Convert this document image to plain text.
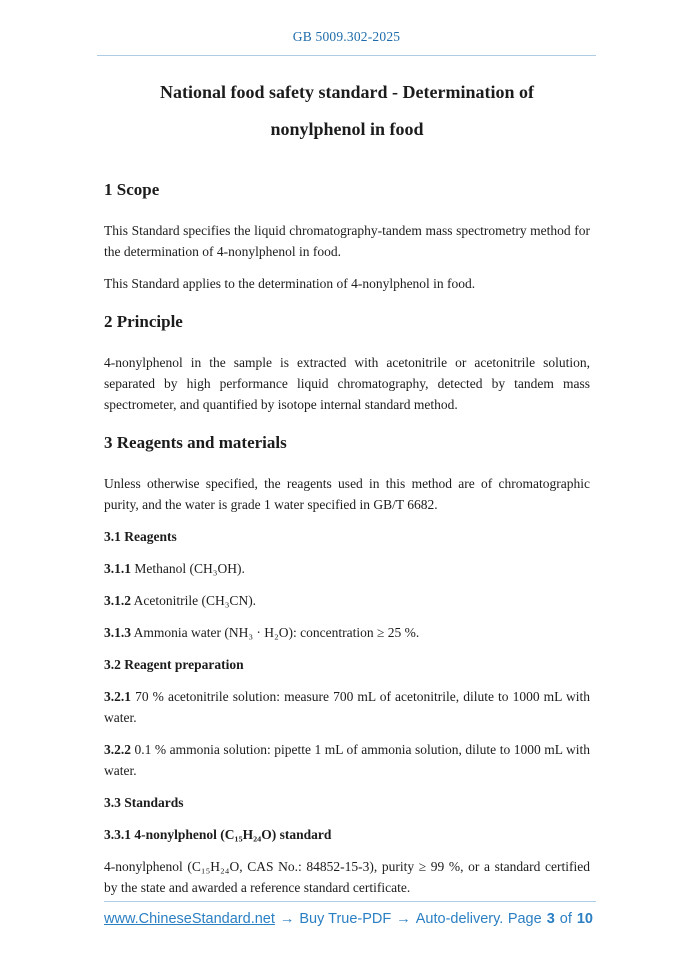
GB 5009.302-2025
National food safety standard - Determination of
nonylphenol in food
1 Scope

This Standard specifies the liquid chromatography-tandem mass spectrometry method for the determination of 4-nonylphenol in food.

This Standard applies to the determination of 4-nonylphenol in food.

2 Principle

4-nonylphenol in the sample is extracted with acetonitrile or acetonitrile solution, separated by high performance liquid chromatography, detected by tandem mass spectrometer, and quantified by isotope internal standard method.

3 Reagents and materials

Unless otherwise specified, the reagents used in this method are of chromatographic purity, and the water is grade 1 water specified in GB/T 6682.

3.1 Reagents

3.1.1 Methanol (CH₃OH).

3.1.2 Acetonitrile (CH₃CN).

3.1.3 Ammonia water (NH₃ · H₂O): concentration ≥ 25 %.

3.2 Reagent preparation

3.2.1 70 % acetonitrile solution: measure 700 mL of acetonitrile, dilute to 1000 mL with water.

3.2.2 0.1 % ammonia solution: pipette 1 mL of ammonia solution, dilute to 1000 mL with water.

3.3 Standards
3.3.1 4-nonylphenol (C₁₅H₂₄O) standard

4-nonylphenol (C₁₅H₂₄O, CAS No.: 84852-15-3), purity ≥ 99 %, or a standard certified by the state and awarded a reference standard certificate.

www.ChineseStandard.net → Buy True-PDF → Auto-delivery. Page 3 of 10
